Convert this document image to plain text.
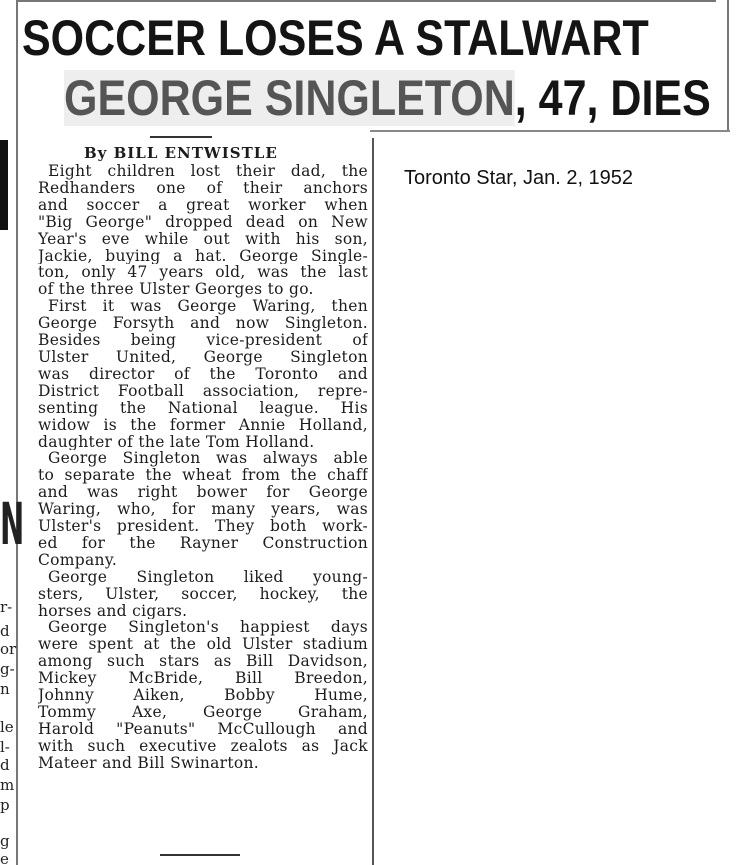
SOCCER LOSES A STALWART
GEORGE SINGLETON, 47, DIES
By BILL ENTWISTLE
Eight children lost their dad, the
Redhanders one of their anchors
and soccer a great worker when
"Big George" dropped dead on New
Year's eve while out with his son,
Jackie, buying a hat. George Single-
ton, only 47 years old, was the last
of the three Ulster Georges to go.
First it was George Waring, then
George Forsyth and now Singleton.
Besides being vice-president of
Ulster United, George Singleton
was director of the Toronto and
District Football association, repre-
senting the National league. His
widow is the former Annie Holland,
daughter of the late Tom Holland.
George Singleton was always able
to separate the wheat from the chaff
and was right bower for George
Waring, who, for many years, was
Ulster's president. They both work-
ed for the Rayner Construction
Company.
George Singleton liked young-
sters, Ulster, soccer, hockey, the
horses and cigars.
George Singleton's happiest days
were spent at the old Ulster stadium
among such stars as Bill Davidson,
Mickey McBride, Bill Breedon,
Johnny Aiken, Bobby Hume,
Tommy Axe, George Graham,
Harold "Peanuts" McCullough and
with such executive zealots as Jack
Mateer and Bill Swinarton.
Toronto Star, Jan. 2, 1952
N
r-
d
or
g-
n
le
l-
d
m
p
g
e
